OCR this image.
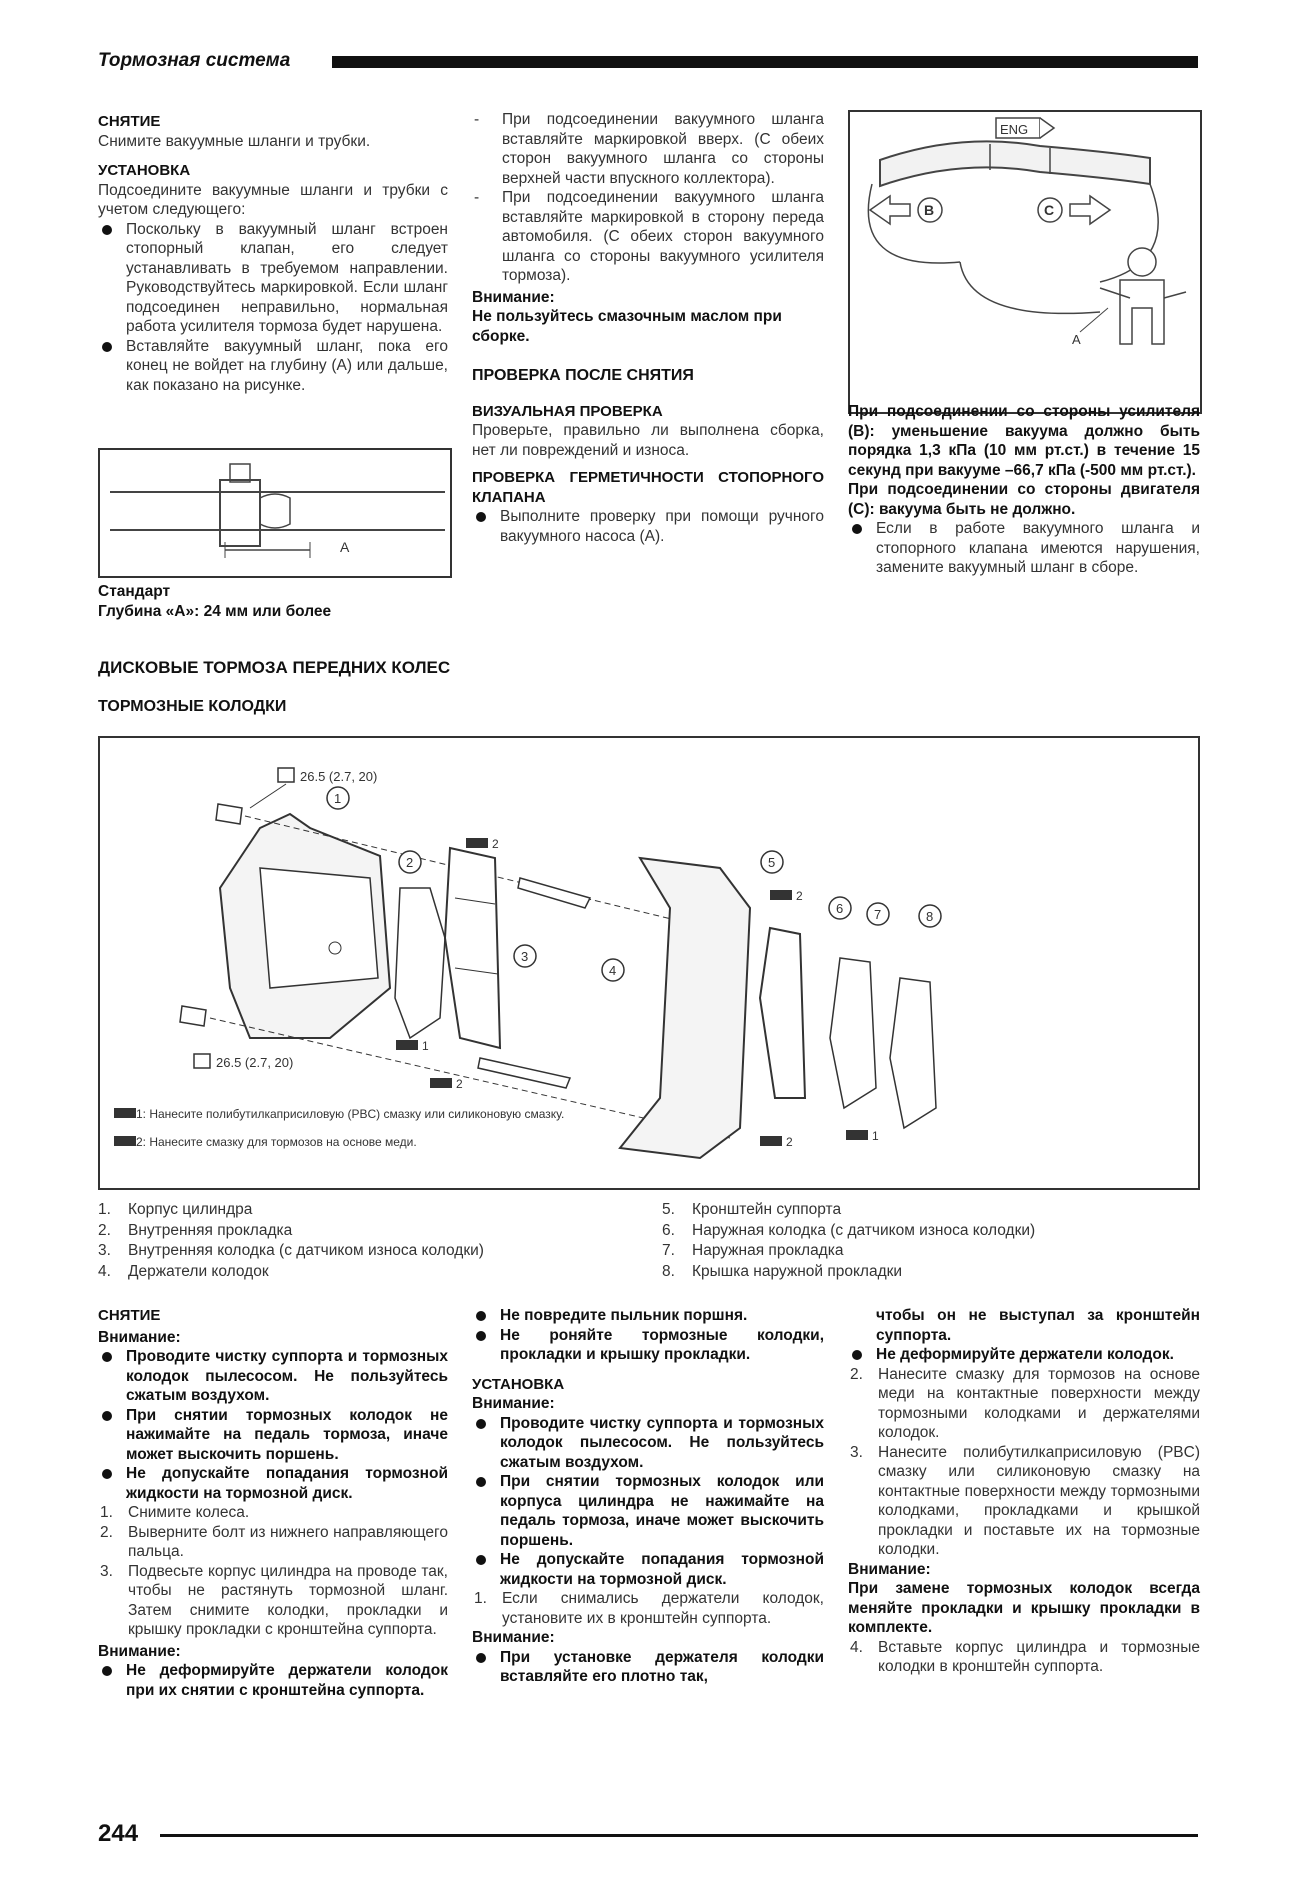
Тормозная система

СНЯТИЕ

Снимите вакуумные шланги и трубки.

УСТАНОВКА

Подсоедините вакуумные шланги и трубки с учетом следующего:

Поскольку в вакуумный шланг встроен стопорный клапан, его следует устанавливать в требуемом направлении. Руководствуйтесь маркировкой. Если шланг подсоединен неправильно, нормальная работа усилителя тормоза будет нарушена.

Вставляйте вакуумный шланг, пока его конец не войдет на глубину (A) или дальше, как показано на рисунке.

A

Стандарт

Глубина «A»: 24 мм или более

- При подсоединении вакуумного шланга вставляйте маркировкой вверх. (С обеих сторон вакуумного шланга со стороны верхней части впускного коллектора).

- При подсоединении вакуумного шланга вставляйте маркировкой в сторону переда автомобиля. (С обеих сторон вакуумного шланга со стороны вакуумного усилителя тормоза).

Внимание:

Не пользуйтесь смазочным маслом при сборке.

ПРОВЕРКА ПОСЛЕ СНЯТИЯ

ВИЗУАЛЬНАЯ ПРОВЕРКА

Проверьте, правильно ли выполнена сборка, нет ли повреждений и износа.

ПРОВЕРКА ГЕРМЕТИЧНОСТИ СТОПОРНОГО КЛАПАНА

Выполните проверку при помощи ручного вакуумного насоса (A).

ENG
B	C
A

При подсоединении со стороны усилителя (B): уменьшение вакуума должно быть порядка 1,3 кПа (10 мм рт.ст.) в течение 15 секунд при вакууме –66,7 кПа (-500 мм рт.ст.).

При подсоединении со стороны двигателя (C): вакуума быть не должно.

Если в работе вакуумного шланга и стопорного клапана имеются нарушения, замените вакуумный шланг в сборе.

ДИСКОВЫЕ ТОРМОЗА ПЕРЕДНИХ КОЛЕС
ТОРМОЗНЫЕ КОЛОДКИ
26.5 (2.7, 20)
26.5 (2.7, 20)
1
2
3
4
5
6 7	8
2
1
2
2
2	1
1: Нанесите полибутилкаприсиловую (PBC) смазку или силиконовую смазку.
2: Нанесите смазку для тормозов на основе меди.
1. Корпус цилиндра
2. Внутренняя прокладка
3. Внутренняя колодка (с датчиком износа колодки)
4. Держатели колодок
5. Кронштейн суппорта
6. Наружная колодка (с датчиком износа колодки)
7. Наружная прокладка
8. Крышка наружной прокладки

СНЯТИЕ

Внимание:

Проводите чистку суппорта и тормозных колодок пылесосом. Не пользуйтесь сжатым воздухом.

При снятии тормозных колодок не нажимайте на педаль тормоза, иначе может выскочить поршень.

Не допускайте попадания тормозной жидкости на тормозной диск.

1. Снимите колеса.

2. Выверните болт из нижнего направляющего пальца.

3. Подвесьте корпус цилиндра на проводе так, чтобы не растянуть тормозной шланг. Затем снимите колодки, прокладки и крышку прокладки с кронштейна суппорта.

Внимание:

Не деформируйте держатели колодок при их снятии с кронштейна суппорта.

Не повредите пыльник поршня.

Не роняйте тормозные колодки, прокладки и крышку прокладки.

УСТАНОВКА

Внимание:

Проводите чистку суппорта и тормозных колодок пылесосом. Не пользуйтесь сжатым воздухом.

При снятии тормозных колодок или корпуса цилиндра не нажимайте на педаль тормоза, иначе может выскочить поршень.

Не допускайте попадания тормозной жидкости на тормозной диск.

1. Если снимались держатели колодок, установите их в кронштейн суппорта.

Внимание:

При установке держателя колодки вставляйте его плотно так,

чтобы он не выступал за кронштейн суппорта.

Не деформируйте держатели колодок.

2. Нанесите смазку для тормозов на основе меди на контактные поверхности между тормозными колодками и держателями колодок.

3. Нанесите полибутилкаприсиловую (PBC) смазку или силиконовую смазку на контактные поверхности между тормозными колодками, прокладками и крышкой прокладки и поставьте их на тормозные колодки.

Внимание:

При замене тормозных колодок всегда меняйте прокладки и крышку прокладки в комплекте.

4. Вставьте корпус цилиндра и тормозные колодки в кронштейн суппорта.

244
